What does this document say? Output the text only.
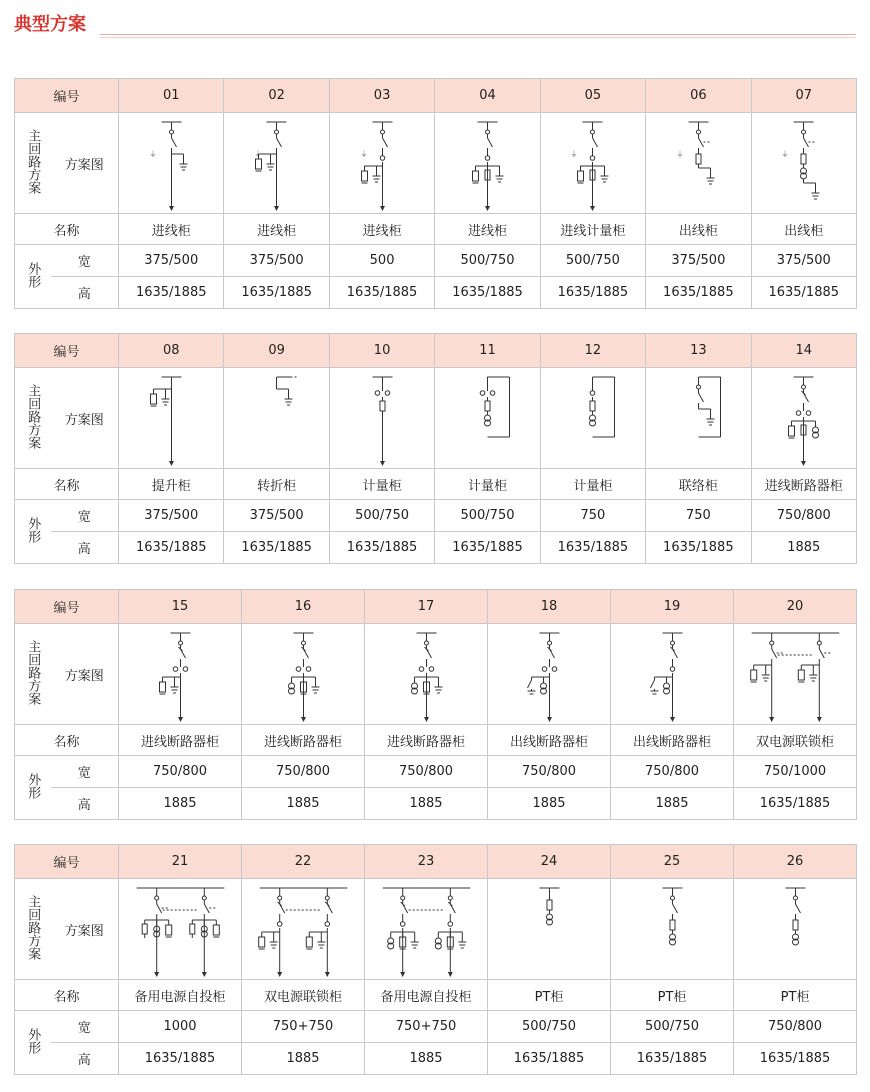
典型方案
编号		01	02	03	04	05	06	07
主回路方案	方案图	⏚	⏚	⏚		⏚	⏚	⏚

名称		进线柜	进线柜	进线柜	进线柜	进线计量柜	出线柜	出线柜
外形	宽	375/500	375/500	500	500/750	500/750	375/500	375/500
	高	1635/1885	1635/1885	1635/1885	1635/1885	1635/1885	1635/1885	1635/1885
编号		08	09	10	11	12	13	14
主回路方案	方案图	

名称		提升柜	转折柜	计量柜	计量柜	计量柜	联络柜	进线断路器柜
外形	宽	375/500	375/500	500/750	500/750	750	750	750/800
	高	1635/1885	1635/1885	1635/1885	1635/1885	1635/1885	1635/1885	1885
编号		15	16	17	18	19	20
主回路方案	方案图	

名称		进线断路器柜	进线断路器柜	进线断路器柜	出线断路器柜	出线断路器柜	双电源联锁柜
外形	宽	750/800	750/800	750/800	750/800	750/800	750/1000
	高	1885	1885	1885	1885	1885	1635/1885
编号		21	22	23	24	25	26
主回路方案	方案图	

名称		备用电源自投柜	双电源联锁柜	备用电源自投柜	PT柜	PT柜	PT柜
外形	宽	1000	750+750	750+750	500/750	500/750	750/800
	高	1635/1885	1885	1885	1635/1885	1635/1885	1635/1885
